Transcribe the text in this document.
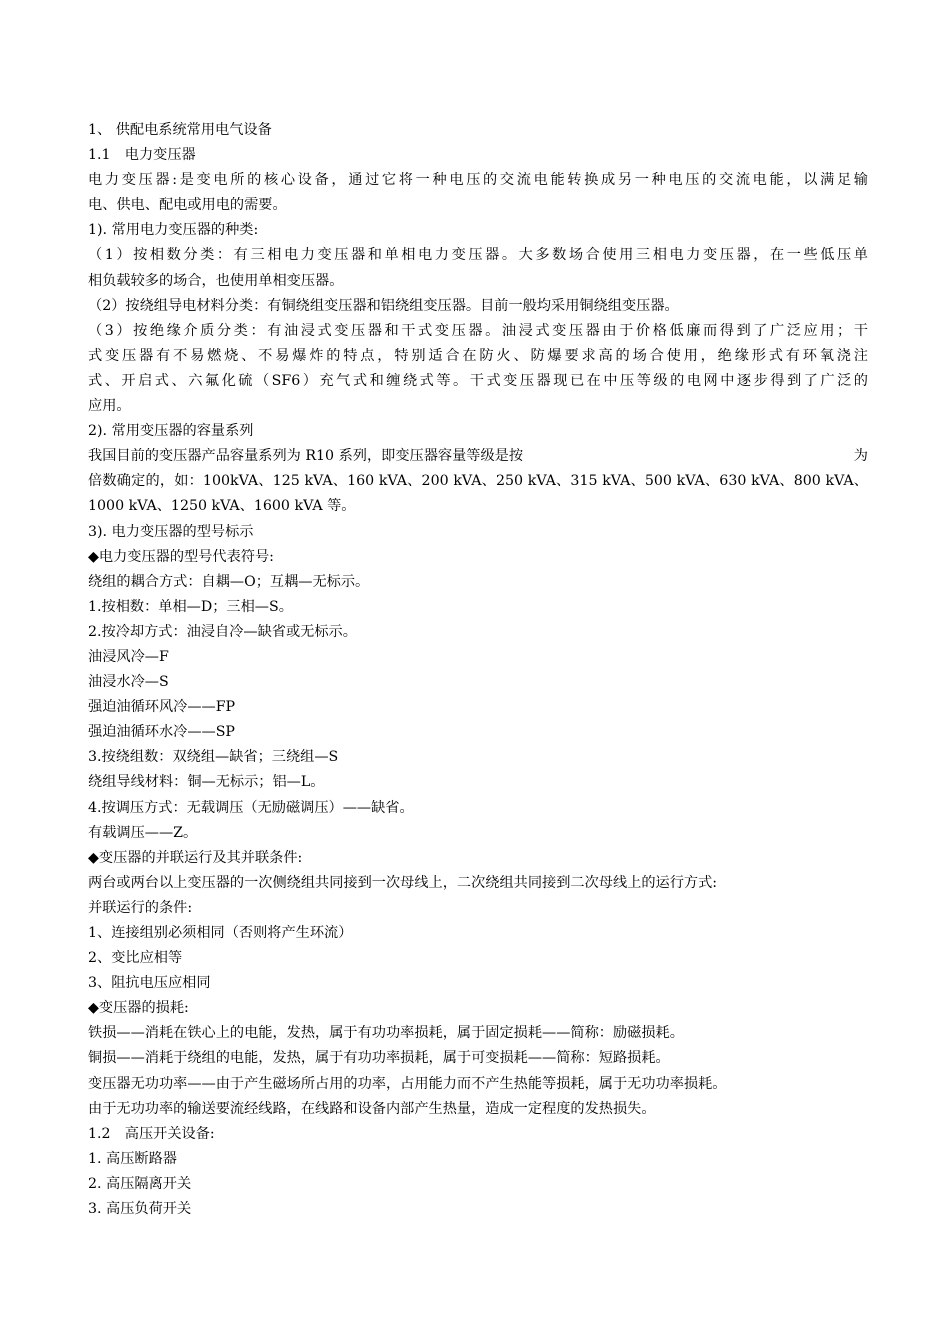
1、 供配电系统常用电气设备
1.1　电力变压器
电力变压器:是变电所的核心设备，通过它将一种电压的交流电能转换成另一种电压的交流电能，以满足输
电、供电、配电或用电的需要。
1). 常用电力变压器的种类:
（1）按相数分类：有三相电力变压器和单相电力变压器。大多数场合使用三相电力变压器，在一些低压单
相负载较多的场合，也使用单相变压器。
（2）按绕组导电材料分类：有铜绕组变压器和铝绕组变压器。目前一般均采用铜绕组变压器。
（3）按绝缘介质分类：有油浸式变压器和干式变压器。油浸式变压器由于价格低廉而得到了广泛应用；干
式变压器有不易燃烧、不易爆炸的特点，特别适合在防火、防爆要求高的场合使用，绝缘形式有环氧浇注
式、开启式、六氟化硫（SF6）充气式和缠绕式等。干式变压器现已在中压等级的电网中逐步得到了广泛的
应用。
2). 常用变压器的容量系列
我国目前的变压器产品容量系列为 R10 系列，即变压器容量等级是按	为
倍数确定的，如：100kVA、125 kVA、160 kVA、200 kVA、250 kVA、315 kVA、500 kVA、630 kVA、800 kVA、
1000 kVA、1250 kVA、1600 kVA 等。
3). 电力变压器的型号标示
◆电力变压器的型号代表符号:
绕组的耦合方式：自耦—O；互耦—无标示。
1.按相数：单相—D；三相—S。
2.按冷却方式：油浸自冷—缺省或无标示。
油浸风冷—F
油浸水冷—S
强迫油循环风冷——FP
强迫油循环水冷——SP
3.按绕组数：双绕组—缺省；三绕组—S
绕组导线材料：铜—无标示；铝—L。
4.按调压方式：无载调压（无励磁调压）——缺省。
有载调压——Z。
◆变压器的并联运行及其并联条件:
两台或两台以上变压器的一次侧绕组共同接到一次母线上，二次绕组共同接到二次母线上的运行方式:
并联运行的条件:
1、连接组别必须相同（否则将产生环流）
2、变比应相等
3、阻抗电压应相同
◆变压器的损耗:
铁损——消耗在铁心上的电能，发热，属于有功功率损耗，属于固定损耗——简称：励磁损耗。
铜损——消耗于绕组的电能，发热，属于有功功率损耗，属于可变损耗——简称：短路损耗。
变压器无功功率——由于产生磁场所占用的功率，占用能力而不产生热能等损耗，属于无功功率损耗。
由于无功功率的输送要流经线路，在线路和设备内部产生热量，造成一定程度的发热损失。
1.2　高压开关设备:
1. 高压断路器
2. 高压隔离开关
3. 高压负荷开关
